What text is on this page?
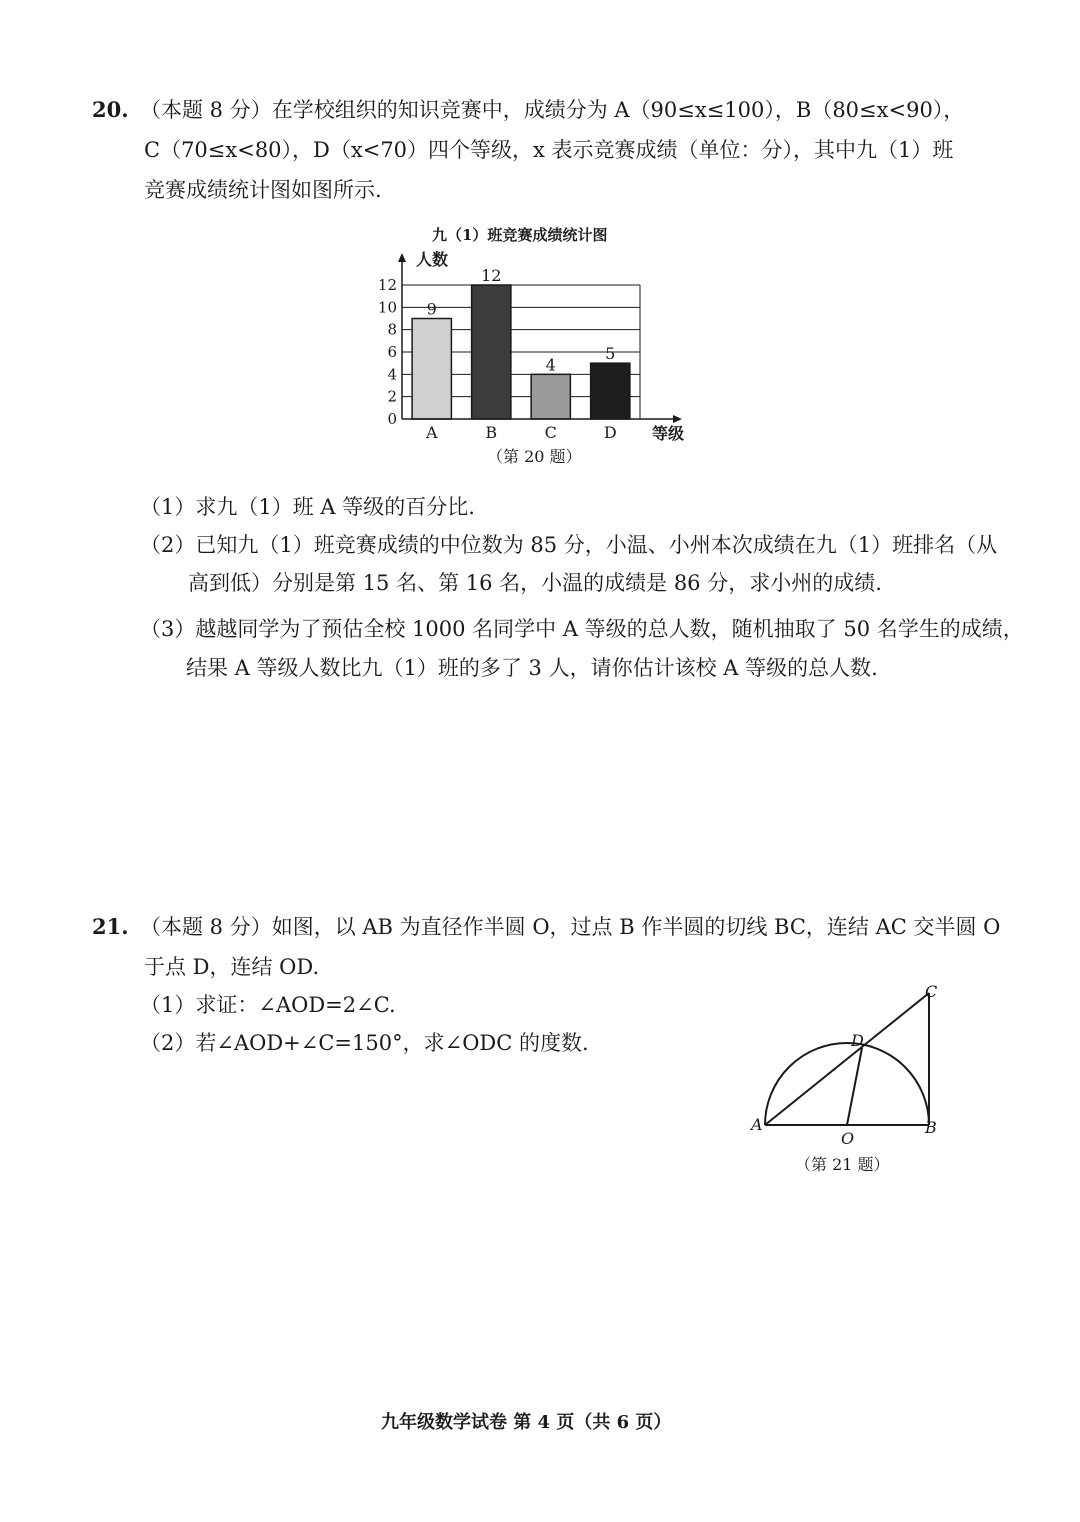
20. （本题 8 分）在学校组织的知识竞赛中，成绩分为 A（90≤x≤100），B（80≤x<90），
C（70≤x<80），D（x<70）四个等级，x 表示竞赛成绩（单位：分），其中九（1）班
竞赛成绩统计图如图所示.
九（1）班竞赛成绩统计图
人数
等级
0
2
4
6
8
10
12
A	B	C	D
9
12
4
5
（第 20 题）
（1）求九（1）班 A 等级的百分比.
（2）已知九（1）班竞赛成绩的中位数为 85 分，小温、小州本次成绩在九（1）班排名（从
高到低）分别是第 15 名、第 16 名，小温的成绩是 86 分，求小州的成绩.
（3）越越同学为了预估全校 1000 名同学中 A 等级的总人数，随机抽取了 50 名学生的成绩，
结果 A 等级人数比九（1）班的多了 3 人，请你估计该校 A 等级的总人数.
21. （本题 8 分）如图，以 AB 为直径作半圆 O，过点 B 作半圆的切线 BC，连结 AC 交半圆 O
于点 D，连结 OD.
（1）求证：∠AOD=2∠C.
（2）若∠AOD+∠C=150°，求∠ODC 的度数.
A	B
C
D
O
（第 21 题）
九年级数学试卷 第 4 页（共 6 页）
